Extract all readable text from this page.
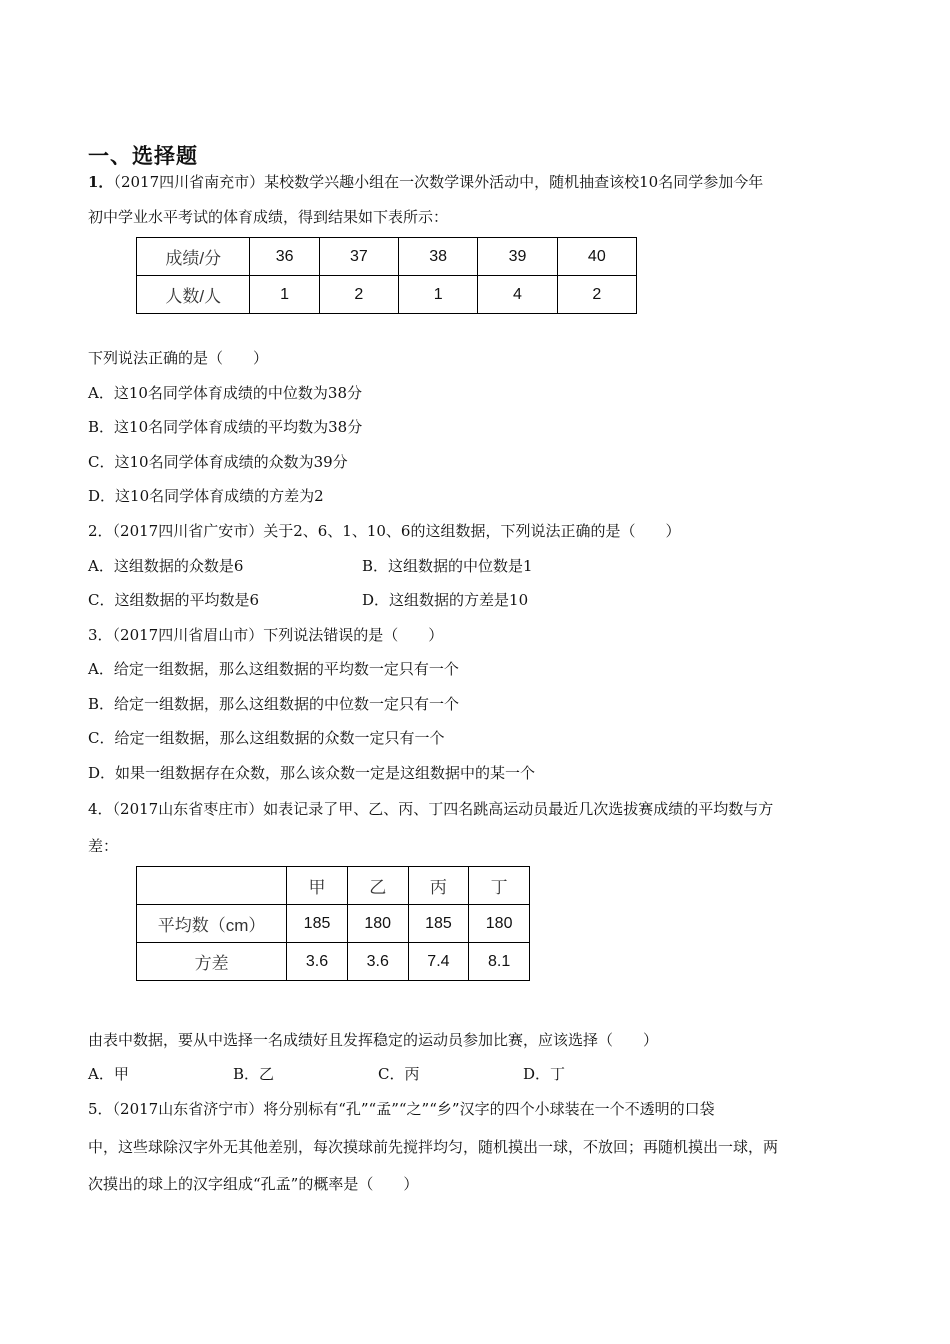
一、选择题
1．（2017四川省南充市）某校数学兴趣小组在一次数学课外活动中，随机抽查该校10名同学参加今年
初中学业水平考试的体育成绩，得到结果如下表所示：
成绩/分	36	37	38	39	40
人数/人	1	2	1	4	2
下列说法正确的是（　　）
A．这10名同学体育成绩的中位数为38分
B．这10名同学体育成绩的平均数为38分
C．这10名同学体育成绩的众数为39分
D．这10名同学体育成绩的方差为2
2．（2017四川省广安市）关于2、6、1、10、6的这组数据，下列说法正确的是（　　）
A．这组数据的众数是6	B．这组数据的中位数是1
C．这组数据的平均数是6	D．这组数据的方差是10
3．（2017四川省眉山市）下列说法错误的是（　　）
A．给定一组数据，那么这组数据的平均数一定只有一个
B．给定一组数据，那么这组数据的中位数一定只有一个
C．给定一组数据，那么这组数据的众数一定只有一个
D．如果一组数据存在众数，那么该众数一定是这组数据中的某一个
4．（2017山东省枣庄市）如表记录了甲、乙、丙、丁四名跳高运动员最近几次选拔赛成绩的平均数与方
差：
	甲	乙	丙	丁
平均数（cm）	185	180	185	180
方差	3.6	3.6	7.4	8.1
由表中数据，要从中选择一名成绩好且发挥稳定的运动员参加比赛，应该选择（　　）
A．甲	B．乙	C．丙	D．丁
5．（2017山东省济宁市）将分别标有“孔”“孟”“之”“乡”汉字的四个小球装在一个不透明的口袋
中，这些球除汉字外无其他差别，每次摸球前先搅拌均匀，随机摸出一球，不放回；再随机摸出一球，两
次摸出的球上的汉字组成“孔孟”的概率是（　　）
